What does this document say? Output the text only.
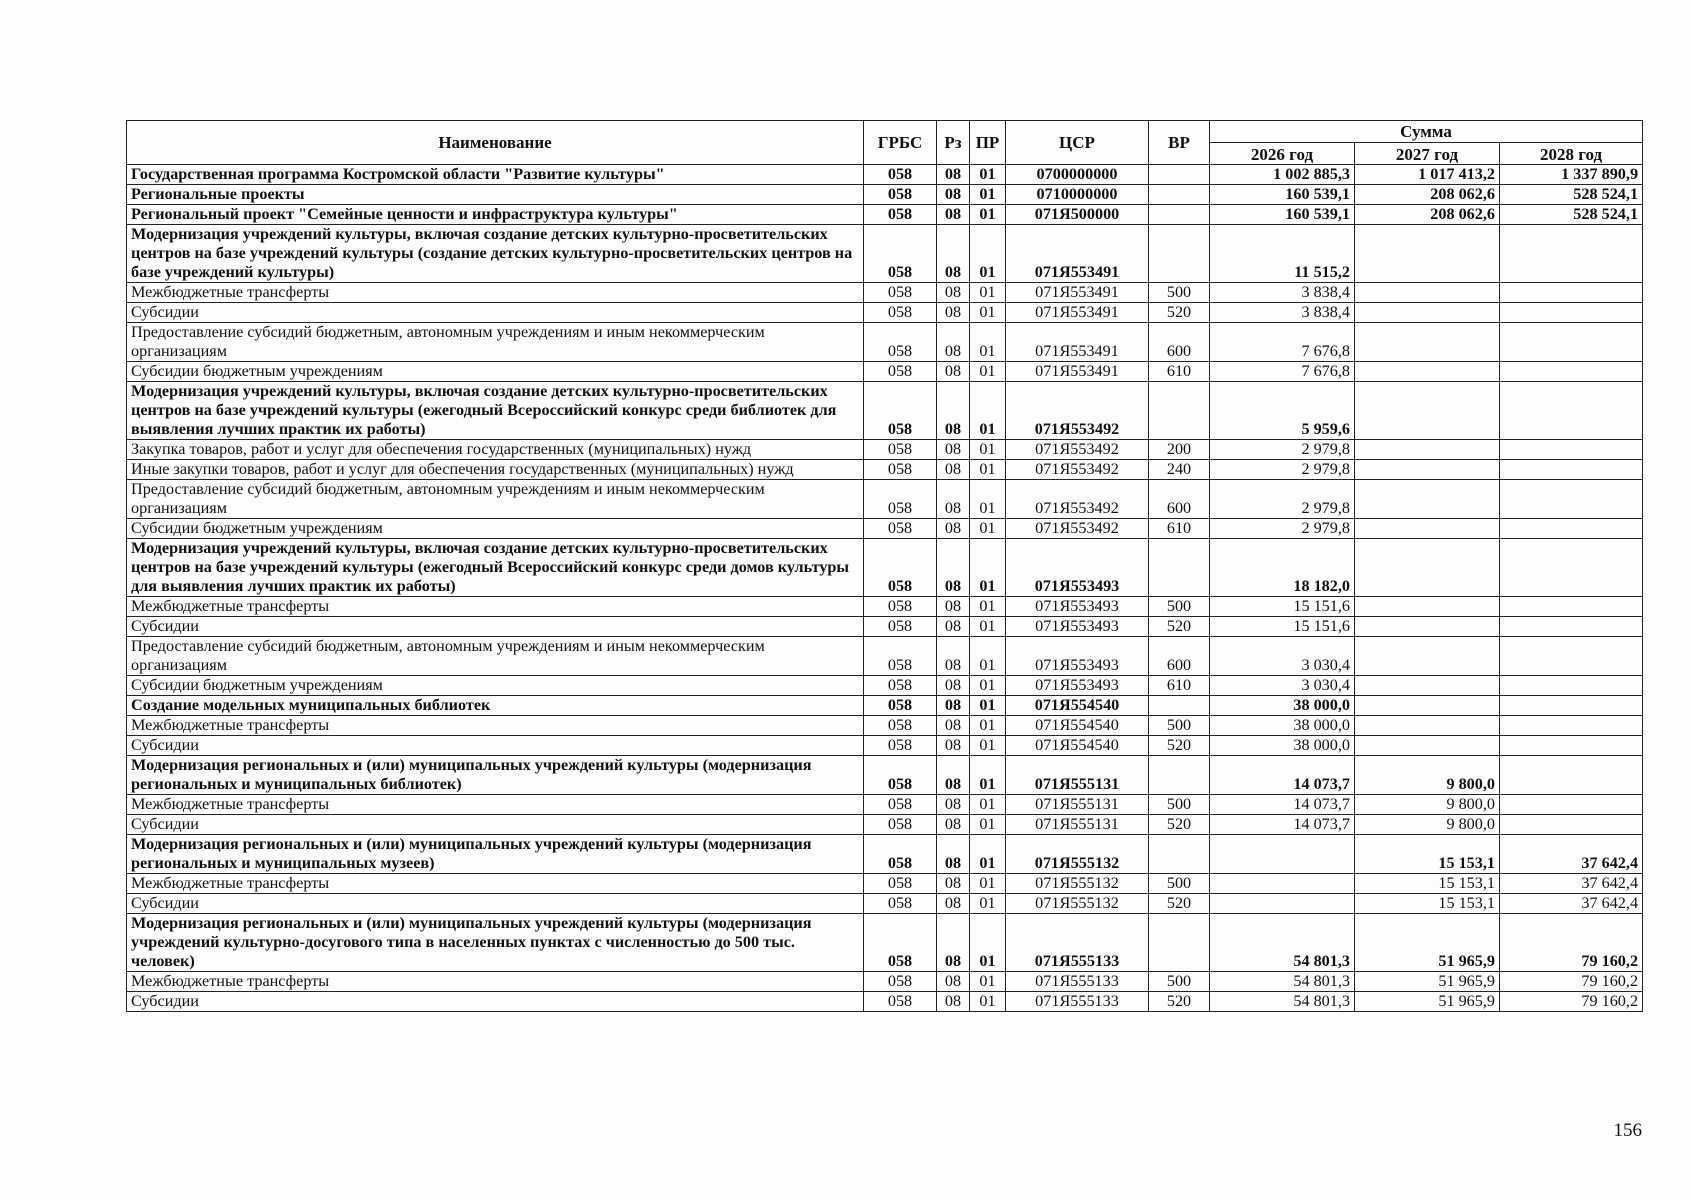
Наименование	ГРБС	Рз	ПР	ЦСР	ВР	Сумма		
						2026 год	2027 год	2028 год
Государственная программа Костромской области "Развитие культуры"	058	08	01	0700000000		1 002 885,3	1 017 413,2	1 337 890,9
Региональные проекты	058	08	01	0710000000		160 539,1	208 062,6	528 524,1
Региональный проект "Семейные ценности и инфраструктура культуры"	058	08	01	071Я500000		160 539,1	208 062,6	528 524,1
Модернизация учреждений культуры, включая создание детских культурно-просветительских центров на базе учреждений культуры (создание детских культурно-просветительских центров на базе учреждений культуры)	058	08	01	071Я553491		11 515,2		
Межбюджетные трансферты	058	08	01	071Я553491	500	3 838,4		
Субсидии	058	08	01	071Я553491	520	3 838,4		
Предоставление субсидий бюджетным, автономным учреждениям и иным некоммерческим организациям	058	08	01	071Я553491	600	7 676,8		
Субсидии бюджетным учреждениям	058	08	01	071Я553491	610	7 676,8		
Модернизация учреждений культуры, включая создание детских культурно-просветительских центров на базе учреждений культуры (ежегодный Всероссийский конкурс среди библиотек для выявления лучших практик их работы)	058	08	01	071Я553492		5 959,6		
Закупка товаров, работ и услуг для обеспечения государственных (муниципальных) нужд	058	08	01	071Я553492	200	2 979,8		
Иные закупки товаров, работ и услуг для обеспечения государственных (муниципальных) нужд	058	08	01	071Я553492	240	2 979,8		
Предоставление субсидий бюджетным, автономным учреждениям и иным некоммерческим организациям	058	08	01	071Я553492	600	2 979,8		
Субсидии бюджетным учреждениям	058	08	01	071Я553492	610	2 979,8		
Модернизация учреждений культуры, включая создание детских культурно-просветительских центров на базе учреждений культуры (ежегодный Всероссийский конкурс среди домов культуры для выявления лучших практик их работы)	058	08	01	071Я553493		18 182,0		
Межбюджетные трансферты	058	08	01	071Я553493	500	15 151,6		
Субсидии	058	08	01	071Я553493	520	15 151,6		
Предоставление субсидий бюджетным, автономным учреждениям и иным некоммерческим организациям	058	08	01	071Я553493	600	3 030,4		
Субсидии бюджетным учреждениям	058	08	01	071Я553493	610	3 030,4		
Создание модельных муниципальных библиотек	058	08	01	071Я554540		38 000,0		
Межбюджетные трансферты	058	08	01	071Я554540	500	38 000,0		
Субсидии	058	08	01	071Я554540	520	38 000,0		
Модернизация региональных и (или) муниципальных учреждений культуры (модернизация региональных и муниципальных библиотек)	058	08	01	071Я555131		14 073,7	9 800,0	
Межбюджетные трансферты	058	08	01	071Я555131	500	14 073,7	9 800,0	
Субсидии	058	08	01	071Я555131	520	14 073,7	9 800,0	
Модернизация региональных и (или) муниципальных учреждений культуры (модернизация региональных и муниципальных музеев)	058	08	01	071Я555132			15 153,1	37 642,4
Межбюджетные трансферты	058	08	01	071Я555132	500		15 153,1	37 642,4
Субсидии	058	08	01	071Я555132	520		15 153,1	37 642,4
Модернизация региональных и (или) муниципальных учреждений культуры (модернизация учреждений культурно-досугового типа в населенных пунктах с численностью до 500 тыс. человек)	058	08	01	071Я555133		54 801,3	51 965,9	79 160,2
Межбюджетные трансферты	058	08	01	071Я555133	500	54 801,3	51 965,9	79 160,2
Субсидии	058	08	01	071Я555133	520	54 801,3	51 965,9	79 160,2
156
